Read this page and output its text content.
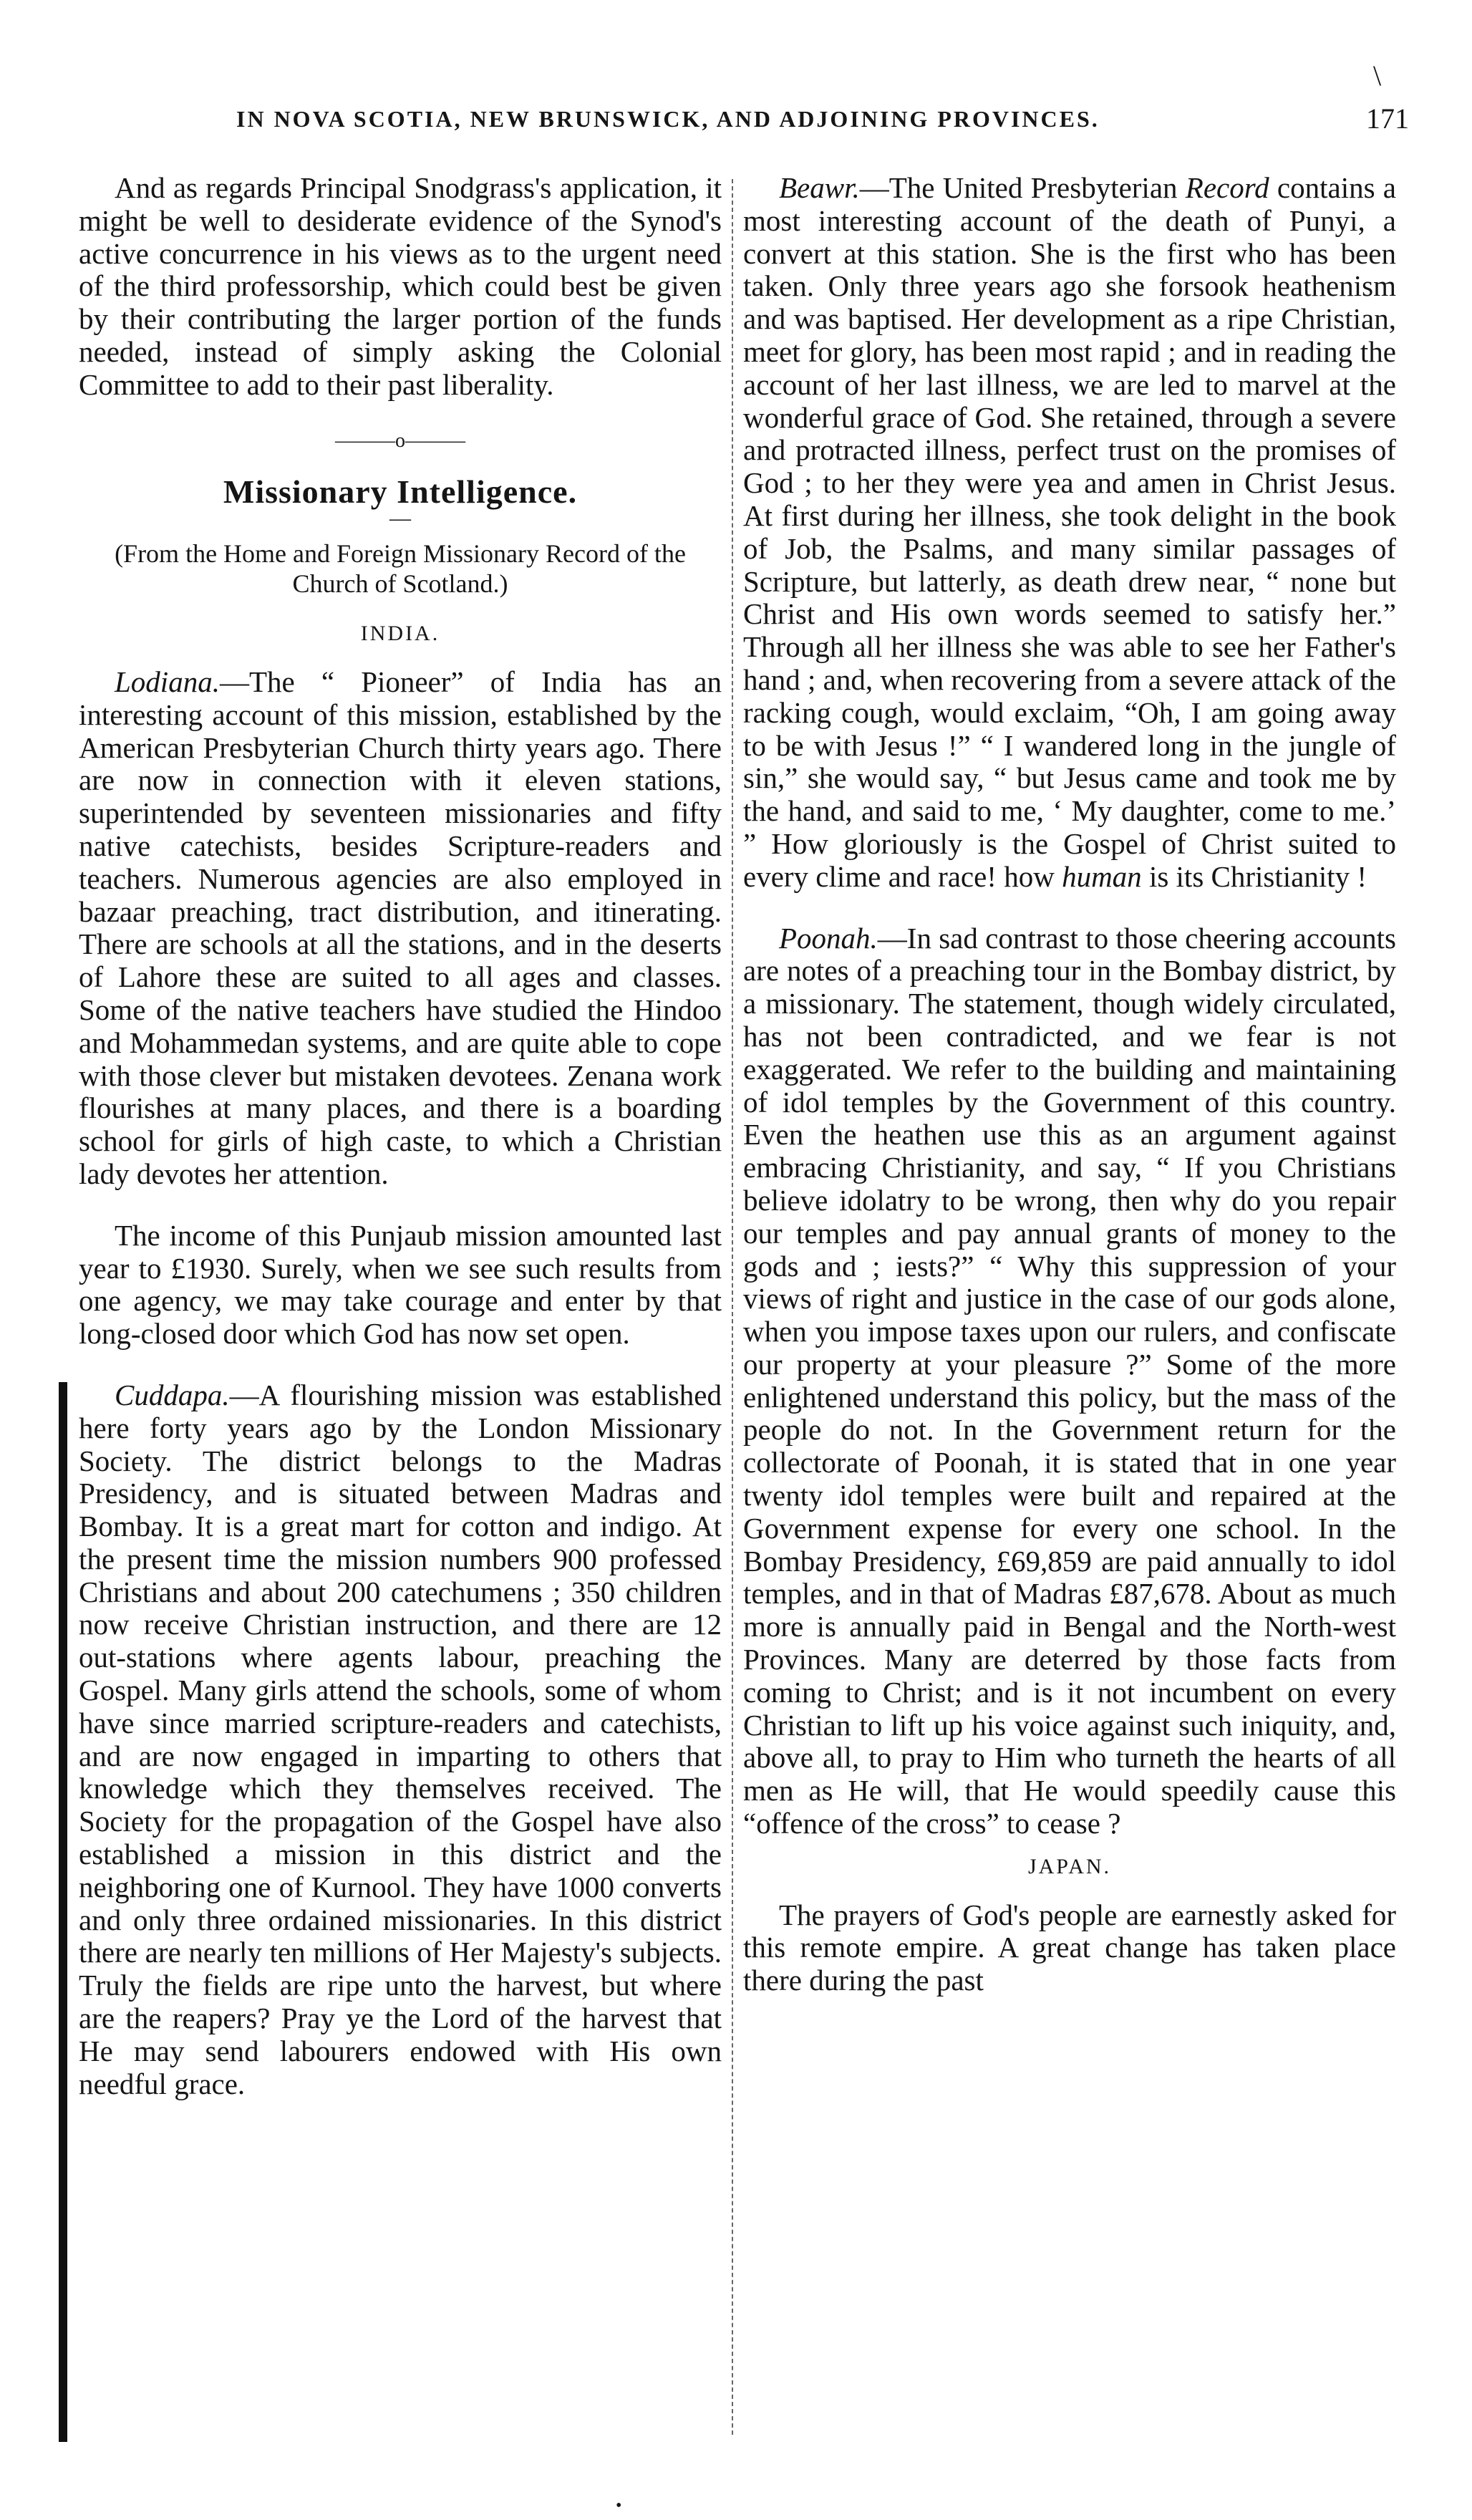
\
IN NOVA SCOTIA, NEW BRUNSWICK, AND ADJOINING PROVINCES.	171

And as regards Principal Snodgrass's application, it might be well to desiderate evidence of the Synod's active concurrence in his views as to the urgent need of the third professorship, which could best be given by their contributing the larger portion of the funds needed, instead of simply asking the Colonial Committee to add to their past liberality.

———o———
Missionary Intelligence.
—
(From the Home and Foreign Missionary Record of the Church of Scotland.)
INDIA.

Lodiana.—The “ Pioneer” of India has an interesting account of this mission, established by the American Presbyterian Church thirty years ago. There are now in connection with it eleven stations, superintended by seventeen missionaries and fifty native catechists, besides Scripture-readers and teachers. Numerous agencies are also employed in bazaar preaching, tract distribution, and itinerating. There are schools at all the stations, and in the deserts of Lahore these are suited to all ages and classes. Some of the native teachers have studied the Hindoo and Mohammedan systems, and are quite able to cope with those clever but mistaken devotees. Zenana work flourishes at many places, and there is a boarding school for girls of high caste, to which a Christian lady devotes her attention.

The income of this Punjaub mission amounted last year to £1930. Surely, when we see such results from one agency, we may take courage and enter by that long-closed door which God has now set open.

Cuddapa.—A flourishing mission was established here forty years ago by the London Missionary Society. The district belongs to the Madras Presidency, and is situated between Madras and Bombay. It is a great mart for cotton and indigo. At the present time the mission numbers 900 professed Christians and about 200 catechumens ; 350 children now receive Christian instruction, and there are 12 out-stations where agents labour, preaching the Gospel. Many girls attend the schools, some of whom have since married scripture-readers and catechists, and are now engaged in imparting to others that knowledge which they themselves received. The Society for the propagation of the Gospel have also established a mission in this district and the neighboring one of Kurnool. They have 1000 converts and only three ordained missionaries. In this district there are nearly ten millions of Her Majesty's subjects. Truly the fields are ripe unto the harvest, but where are the reapers? Pray ye the Lord of the harvest that He may send labourers endowed with His own needful grace.

Beawr.—The United Presbyterian Record contains a most interesting account of the death of Punyi, a convert at this station. She is the first who has been taken. Only three years ago she forsook heathenism and was baptised. Her development as a ripe Christian, meet for glory, has been most rapid ; and in reading the account of her last illness, we are led to marvel at the wonderful grace of God. She retained, through a severe and protracted illness, perfect trust on the promises of God ; to her they were yea and amen in Christ Jesus. At first during her illness, she took delight in the book of Job, the Psalms, and many similar passages of Scripture, but latterly, as death drew near, “ none but Christ and His own words seemed to satisfy her.” Through all her illness she was able to see her Father's hand ; and, when recovering from a severe attack of the racking cough, would exclaim, “Oh, I am going away to be with Jesus !” “ I wandered long in the jungle of sin,” she would say, “ but Jesus came and took me by the hand, and said to me, ‘ My daughter, come to me.’ ” How gloriously is the Gospel of Christ suited to every clime and race! how human is its Christianity !

Poonah.—In sad contrast to those cheering accounts are notes of a preaching tour in the Bombay district, by a missionary. The statement, though widely circulated, has not been contradicted, and we fear is not exaggerated. We refer to the building and maintaining of idol temples by the Government of this country. Even the heathen use this as an argument against embracing Christianity, and say, “ If you Christians believe idolatry to be wrong, then why do you repair our temples and pay annual grants of money to the gods and ; iests?” “ Why this suppression of your views of right and justice in the case of our gods alone, when you impose taxes upon our rulers, and confiscate our property at your pleasure ?” Some of the more enlightened understand this policy, but the mass of the people do not. In the Government return for the collectorate of Poonah, it is stated that in one year twenty idol temples were built and repaired at the Government expense for every one school. In the Bombay Presidency, £69,859 are paid annually to idol temples, and in that of Madras £87,678. About as much more is annually paid in Bengal and the North-west Provinces. Many are deterred by those facts from coming to Christ; and is it not incumbent on every Christian to lift up his voice against such iniquity, and, above all, to pray to Him who turneth the hearts of all men as He will, that He would speedily cause this “offence of the cross” to cease ?

JAPAN.

The prayers of God's people are earnestly asked for this remote empire. A great change has taken place there during the past

•
